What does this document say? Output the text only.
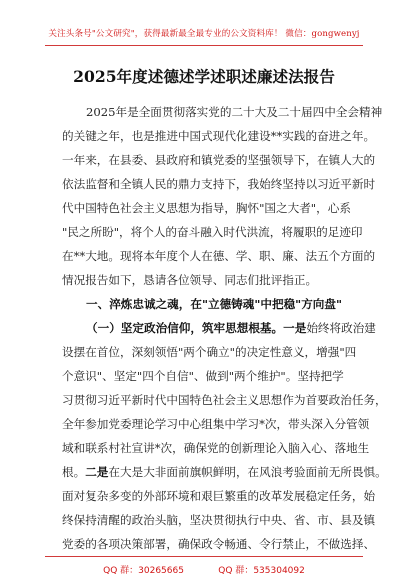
关注头条号"公文研究"，获得最新最全最专业的公文资料库！ 微信：gongwenyj
2025年度述德述学述职述廉述法报告
2025年是全面贯彻落实党的二十大及二十届四中全会精神
的关键之年，也是推进中国式现代化建设**实践的奋进之年。
一年来，在县委、县政府和镇党委的坚强领导下，在镇人大的
依法监督和全镇人民的鼎力支持下，我始终坚持以习近平新时
代中国特色社会主义思想为指导，胸怀"国之大者"，心系
"民之所盼"，将个人的奋斗融入时代洪流，将履职的足迹印
在**大地。现将本年度个人在德、学、职、廉、法五个方面的
情况报告如下，恳请各位领导、同志们批评指正。
一、淬炼忠诚之魂，在"立德铸魂"中把稳"方向盘"
（一）坚定政治信仰，筑牢思想根基。一是始终将政治建
设摆在首位，深刻领悟"两个确立"的决定性意义，增强"四
个意识"、坚定"四个自信"、做到"两个维护"。坚持把学
习贯彻习近平新时代中国特色社会主义思想作为首要政治任务，
全年参加党委理论学习中心组集中学习*次，带头深入分管领
域和联系村社宣讲*次，确保党的创新理论入脑入心、落地生
根。二是在大是大非面前旗帜鲜明，在风浪考验面前无所畏惧。
面对复杂多变的外部环境和艰巨繁重的改革发展稳定任务，始
终保持清醒的政治头脑，坚决贯彻执行中央、省、市、县及镇
党委的各项决策部署，确保政令畅通、令行禁止，不做选择、
QQ 群：30265665	QQ 群：535304092
